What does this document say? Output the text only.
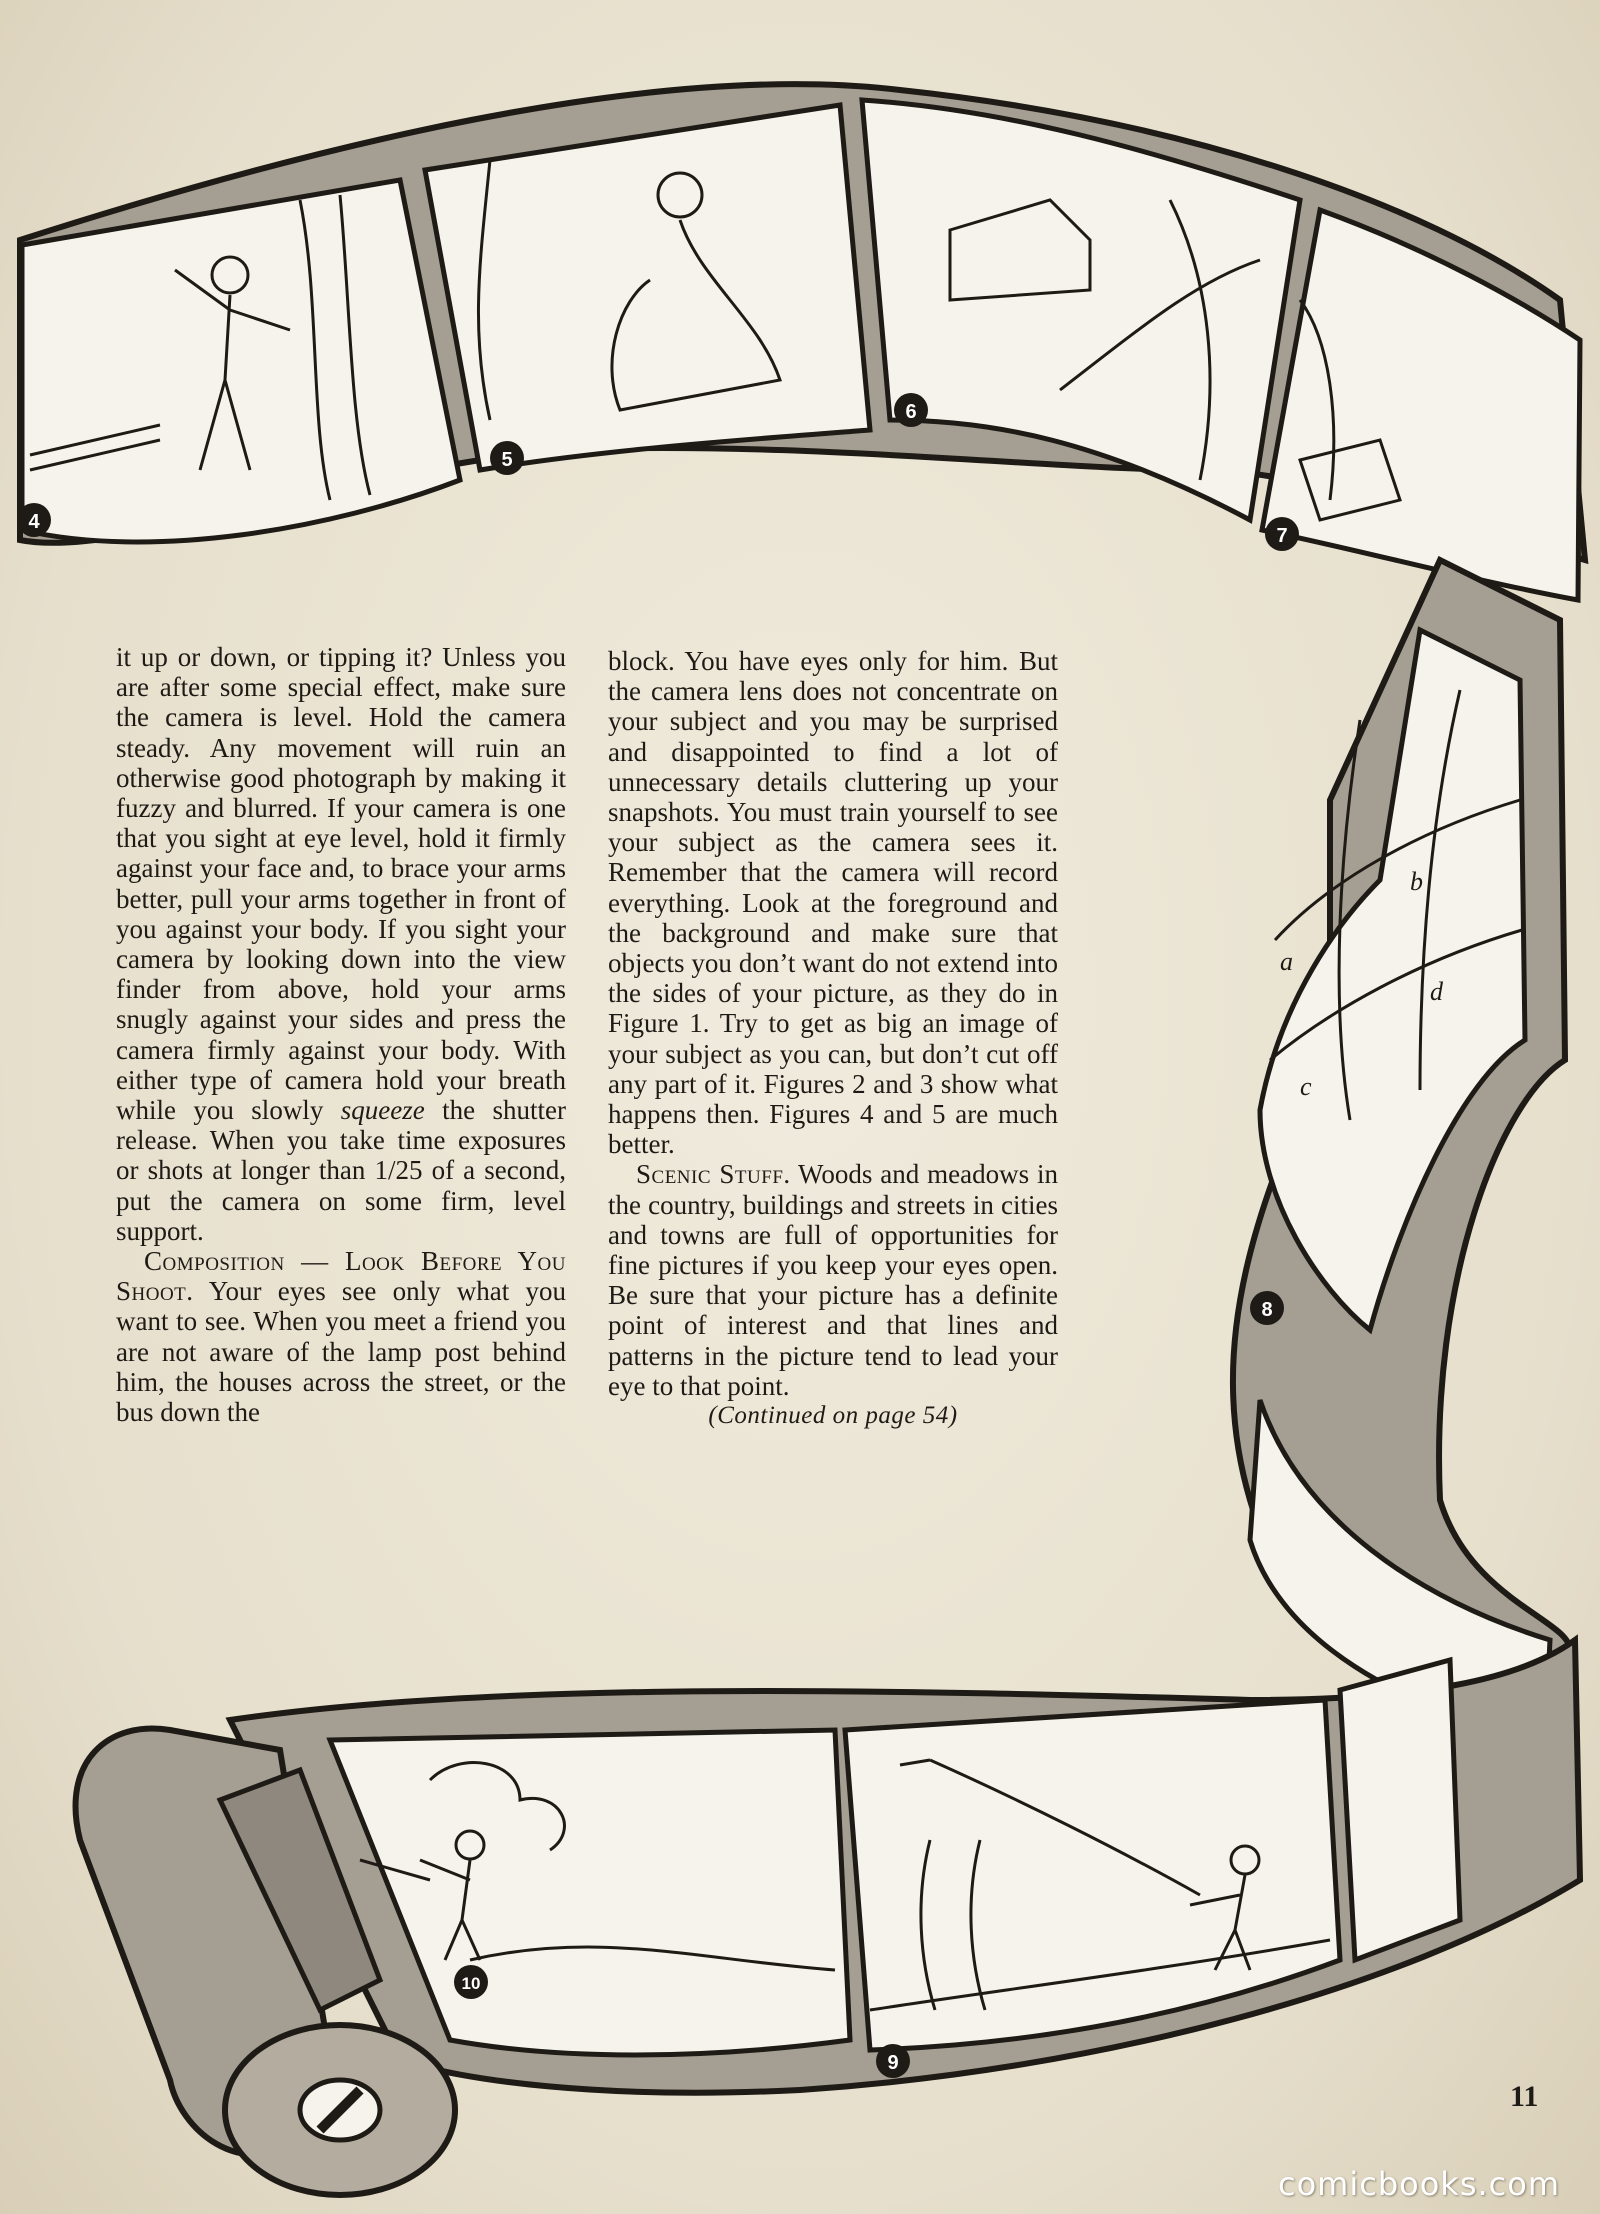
a
b
c
d
4
5
6
7
8
9
10

it up or down, or tipping it? Unless you are after some special effect, make sure the camera is level. Hold the camera steady. Any movement will ruin an otherwise good photograph by making it fuzzy and blurred. If your camera is one that you sight at eye level, hold it firmly against your face and, to brace your arms better, pull your arms together in front of you against your body. If you sight your camera by looking down into the view finder from above, hold your arms snugly against your sides and press the camera firmly against your body. With either type of camera hold your breath while you slowly squeeze the shutter release. When you take time exposures or shots at longer than 1/25 of a second, put the camera on some firm, level support.

Composition — Look Before You Shoot. Your eyes see only what you want to see. When you meet a friend you are not aware of the lamp post behind him, the houses across the street, or the bus down the

block. You have eyes only for him. But the camera lens does not concentrate on your subject and you may be surprised and disappointed to find a lot of unnecessary details cluttering up your snapshots. You must train yourself to see your subject as the camera sees it. Remember that the camera will record everything. Look at the foreground and the background and make sure that objects you don’t want do not extend into the sides of your picture, as they do in Figure 1. Try to get as big an image of your subject as you can, but don’t cut off any part of it. Figures 2 and 3 show what happens then. Figures 4 and 5 are much better.

Scenic Stuff. Woods and meadows in the country, buildings and streets in cities and towns are full of opportunities for fine pictures if you keep your eyes open. Be sure that your picture has a definite point of interest and that lines and patterns in the picture tend to lead your eye to that point.

(Continued on page 54)

11
comicbooks.com
